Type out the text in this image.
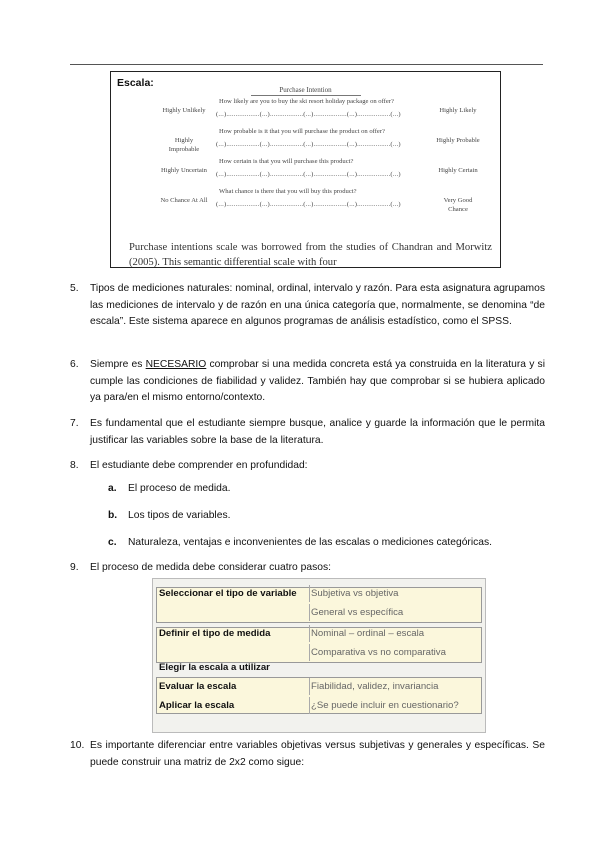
Escala:
Purchase Intention
How likely are you to buy the ski resort holiday package on offer?
Highly Unlikely
(...)..................(...)..................(...)..................(...)..................(...)
Highly Likely
How probable is it that you will purchase the product on offer?
Highly Improbable
(...)..................(...)..................(...)..................(...)..................(...)
Highly Probable
How certain is that you will purchase this product?
Highly Uncertain
(...)..................(...)..................(...)..................(...)..................(...)
Highly Certain
What chance is there that you will buy this product?
No Chance At All
(...)..................(...)..................(...)..................(...)..................(...)
Very Good Chance
Purchase intentions scale was borrowed from the studies of Chandran and Morwitz (2005). This semantic differential scale with four
5.	Tipos de mediciones naturales: nominal, ordinal, intervalo y razón. Para esta asignatura agrupamos las mediciones de intervalo y de razón en una única categoría que, normalmente, se denomina “de escala”. Este sistema aparece en algunos programas de análisis estadístico, como el SPSS.
6.	Siempre es NECESARIO comprobar si una medida concreta está ya construida en la literatura y si cumple las condiciones de fiabilidad y validez. También hay que comprobar si se hubiera aplicado ya para/en el mismo entorno/contexto.
7.	Es fundamental que el estudiante siempre busque, analice y guarde la información que le permita justificar las variables sobre la base de la literatura.
8.	El estudiante debe comprender en profundidad:
a. El proceso de medida.
b. Los tipos de variables.
c. Naturaleza, ventajas e inconvenientes de las escalas o mediciones categóricas.
9.	El proceso de medida debe considerar cuatro pasos:
Seleccionar el tipo de variable Subjetiva vs objetiva
General vs específica
Definir el tipo de medida	Nominal – ordinal – escala
Comparativa vs no comparativa
Elegir la escala a utilizar
Evaluar la escala	Fiabilidad, validez, invariancia
Aplicar la escala	¿Se puede incluir en cuestionario?
10. Es importante diferenciar entre variables objetivas versus subjetivas y generales y específicas. Se puede construir una matriz de 2x2 como sigue:
